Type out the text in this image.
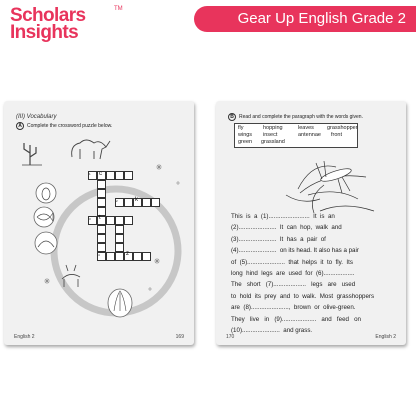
Scholars
Insights
TM
Gear Up English Grade 2
(III) Vocabulary
A	Complete the crossword puzzle below.
c
k
t
z
1
2
3
4
English 2	169
B	Read and complete the paragraph with the words given.
fly	hopping	leaves grasshopper
wings insect	antennae front
green grassland
This  is  a  (1)........................  It  is  an
(2)......................  It  can  hop,  walk  and
(3)......................  It  has  a  pair  of
(4)......................  on its head. It also has a pair
of  (5)......................  that  helps  it  to  fly.  Its
long  hind  legs  are  used  for  (6)..................
The   short   (7)...................   legs   are   used
to  hold  its  prey  and  to  walk.  Most  grasshoppers
are  (8)......................,  brown  or  olive-green.
They   live   in   (9)....................   and   feed   on
(10)......................  and grass.
170	English 2
